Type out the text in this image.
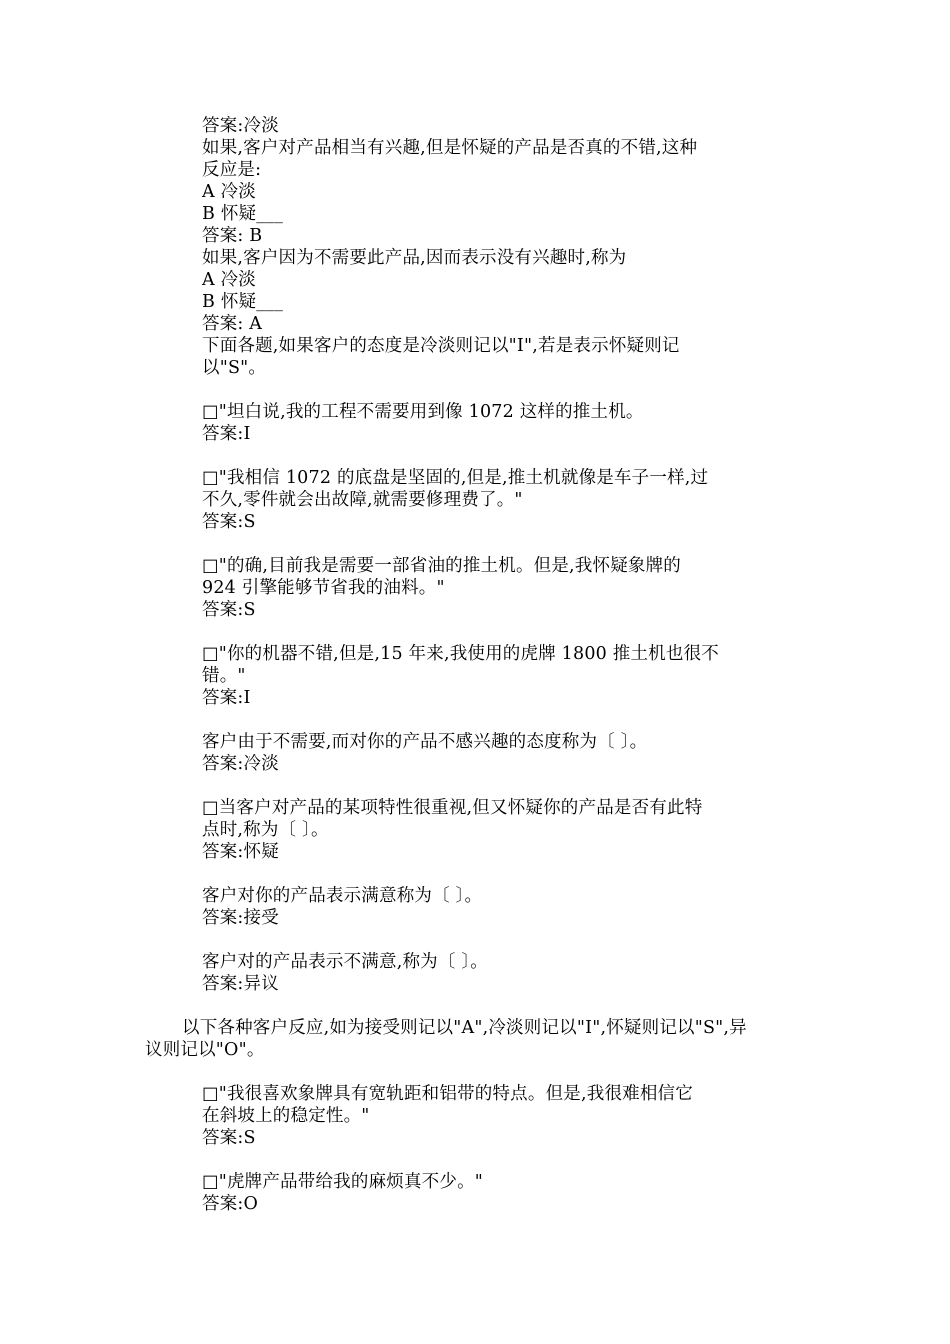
答案:冷淡
如果,客户对产品相当有兴趣,但是怀疑的产品是否真的不错,这种
反应是:
A 冷淡
B 怀疑___
答案: B
如果,客户因为不需要此产品,因而表示没有兴趣时,称为
A 冷淡
B 怀疑___
答案: A
下面各题,如果客户的态度是冷淡则记以"I",若是表示怀疑则记
以"S"。
□"坦白说,我的工程不需要用到像 1072 这样的推土机。
答案:I
□"我相信 1072 的底盘是坚固的,但是,推土机就像是车子一样,过
不久,零件就会出故障,就需要修理费了。"
答案:S
□"的确,目前我是需要一部省油的推土机。但是,我怀疑象牌的
924 引擎能够节省我的油料。"
答案:S
□"你的机器不错,但是,15 年来,我使用的虎牌 1800 推土机也很不
错。"
答案:I
客户由于不需要,而对你的产品不感兴趣的态度称为〔 〕。
答案:冷淡
□当客户对产品的某项特性很重视,但又怀疑你的产品是否有此特
点时,称为〔 〕。
答案:怀疑
客户对你的产品表示满意称为〔 〕。
答案:接受
客户对的产品表示不满意,称为〔 〕。
答案:异议
以下各种客户反应,如为接受则记以"A",冷淡则记以"I",怀疑则记以"S",异
议则记以"O"。
□"我很喜欢象牌具有宽轨距和铝带的特点。但是,我很难相信它
在斜坡上的稳定性。"
答案:S
□"虎牌产品带给我的麻烦真不少。"
答案:O
